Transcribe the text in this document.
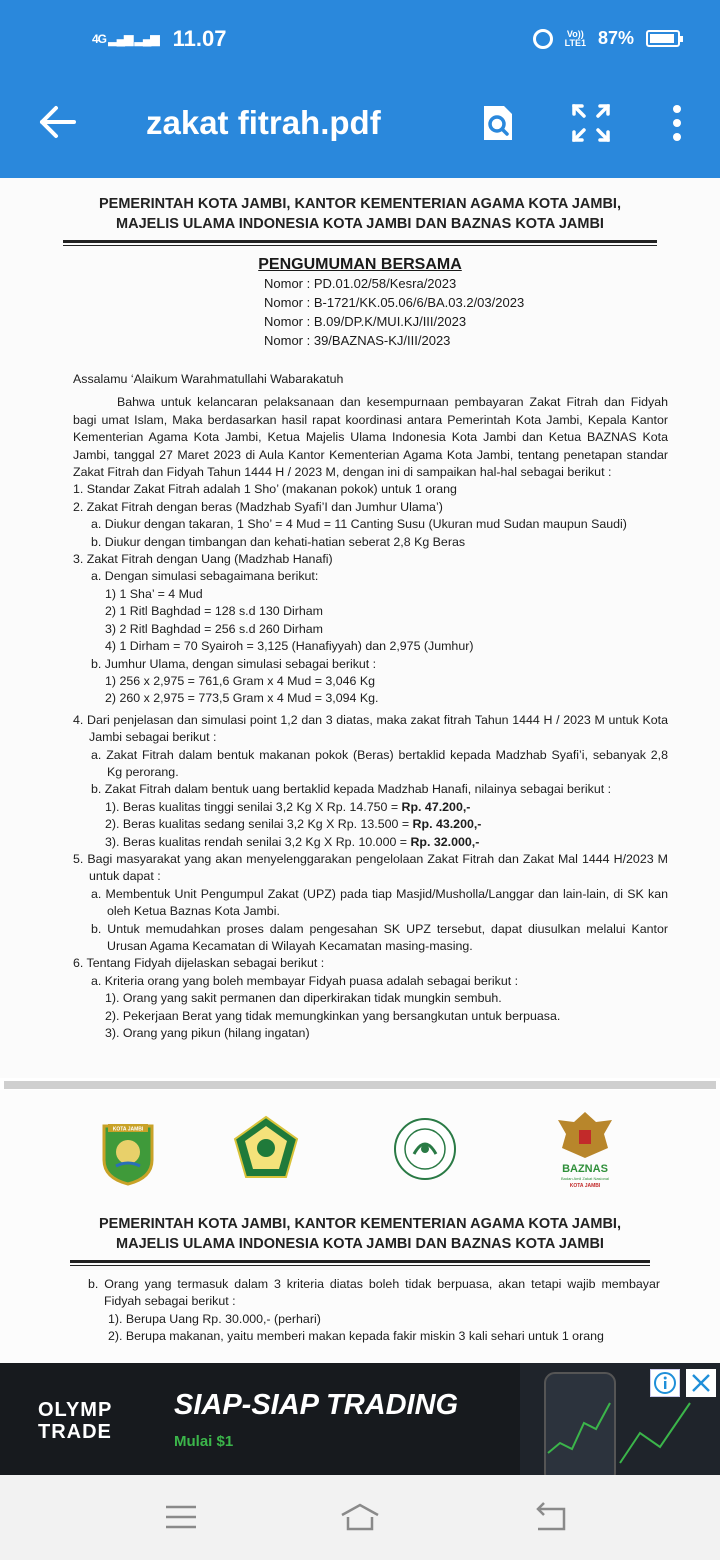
4G ▂▄▆ ▂▄▆ 11.07	Vo))
LTE1 87%
zakat fitrah.pdf
PEMERINTAH KOTA JAMBI, KANTOR KEMENTERIAN AGAMA KOTA JAMBI,
MAJELIS ULAMA INDONESIA KOTA JAMBI DAN BAZNAS KOTA JAMBI
PENGUMUMAN BERSAMA
Nomor : PD.01.02/58/Kesra/2023
Nomor : B-1721/KK.05.06/6/BA.03.2/03/2023
Nomor : B.09/DP.K/MUI.KJ/III/2023
Nomor : 39/BAZNAS-KJ/III/2023
Assalamu ‘Alaikum Warahmatullahi Wabarakatuh
Bahwa untuk kelancaran pelaksanaan dan kesempurnaan pembayaran Zakat Fitrah dan Fidyah bagi umat Islam, Maka berdasarkan hasil rapat koordinasi antara Pemerintah Kota Jambi, Kepala Kantor Kementerian Agama Kota Jambi, Ketua Majelis Ulama Indonesia Kota Jambi dan Ketua BAZNAS Kota Jambi, tanggal 27 Maret 2023 di Aula Kantor Kementerian Agama Kota Jambi, tentang penetapan standar Zakat Fitrah dan Fidyah Tahun 1444 H / 2023 M, dengan ini di sampaikan hal-hal sebagai berikut :
1. Standar Zakat Fitrah adalah 1 Sho’ (makanan pokok) untuk 1 orang
2. Zakat Fitrah dengan beras (Madzhab Syafi’I dan Jumhur Ulama’)
a. Diukur dengan takaran, 1 Sho’ = 4 Mud = 11 Canting Susu (Ukuran mud Sudan maupun Saudi)
b. Diukur dengan timbangan dan kehati-hatian seberat 2,8 Kg Beras
3. Zakat Fitrah dengan Uang (Madzhab Hanafi)
a. Dengan simulasi sebagaimana berikut:
1) 1 Sha’ = 4 Mud
2) 1 Ritl Baghdad = 128 s.d 130 Dirham
3) 2 Ritl Baghdad = 256 s.d 260 Dirham
4) 1 Dirham = 70 Syairoh = 3,125 (Hanafiyyah) dan 2,975 (Jumhur)
b. Jumhur Ulama, dengan simulasi sebagai berikut :
1) 256 x 2,975 = 761,6 Gram x 4 Mud = 3,046 Kg
2) 260 x 2,975 = 773,5 Gram x 4 Mud = 3,094 Kg.
4. Dari penjelasan dan simulasi point 1,2 dan 3 diatas, maka zakat fitrah Tahun 1444 H / 2023 M untuk Kota Jambi sebagai berikut :
a. Zakat Fitrah dalam bentuk makanan pokok (Beras) bertaklid kepada Madzhab Syafi’i, sebanyak 2,8 Kg perorang.
b. Zakat Fitrah dalam bentuk uang bertaklid kepada Madzhab Hanafi, nilainya sebagai berikut :
1). Beras kualitas tinggi senilai 3,2 Kg X Rp. 14.750 = Rp. 47.200,-
2). Beras kualitas sedang senilai 3,2 Kg X Rp. 13.500 = Rp. 43.200,-
3). Beras kualitas rendah senilai 3,2 Kg X Rp. 10.000 = Rp. 32.000,-
5. Bagi masyarakat yang akan menyelenggarakan pengelolaan Zakat Fitrah dan Zakat Mal 1444 H/2023 M untuk dapat :
a. Membentuk Unit Pengumpul Zakat (UPZ) pada tiap Masjid/Musholla/Langgar dan lain-lain, di SK kan oleh Ketua Baznas Kota Jambi.
b. Untuk memudahkan proses dalam pengesahan SK UPZ tersebut, dapat diusulkan melalui Kantor Urusan Agama Kecamatan di Wilayah Kecamatan masing-masing.
6. Tentang Fidyah dijelaskan sebagai berikut :
a. Kriteria orang yang boleh membayar Fidyah puasa adalah sebagai berikut :
1). Orang yang sakit permanen dan diperkirakan tidak mungkin sembuh.
2). Pekerjaan Berat yang tidak memungkinkan yang bersangkutan untuk berpuasa.
3). Orang yang pikun (hilang ingatan)
KOTA JAMBI
BAZNAS
Badan Amil Zakat Nasional
KOTA JAMBI
PEMERINTAH KOTA JAMBI, KANTOR KEMENTERIAN AGAMA KOTA JAMBI,
MAJELIS ULAMA INDONESIA KOTA JAMBI DAN BAZNAS KOTA JAMBI
b. Orang yang termasuk dalam 3 kriteria diatas boleh tidak berpuasa, akan tetapi wajib membayar Fidyah sebagai berikut :
1). Berupa Uang Rp. 30.000,- (perhari)
2). Berupa makanan, yaitu memberi makan kepada fakir miskin 3 kali sehari untuk 1 orang
OLYMP
TRADE
SIAP-SIAP TRADING
Mulai $1
